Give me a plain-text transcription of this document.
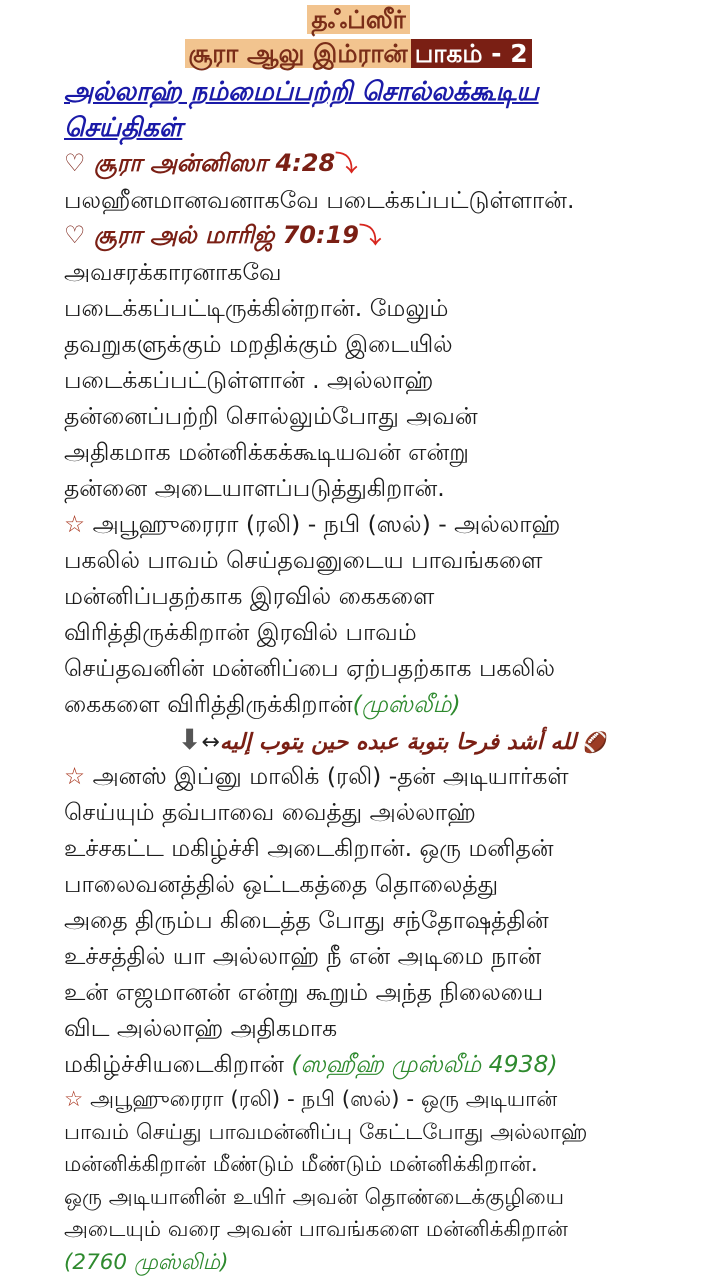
தஃப்ஸீர்
சூரா ஆலு இம்ரான் பாகம் - 2
அல்லாஹ் நம்மைப்பற்றி சொல்லக்கூடிய செய்திகள்
♡ சூரா அன்னிஸா 4:28⤵
பலஹீனமானவனாகவே படைக்கப்பட்டுள்ளான்.
♡ சூரா அல் மாரிஜ் 70:19⤵
அவசரக்காரனாகவே
படைக்கப்பட்டிருக்கின்றான். மேலும்
தவறுகளுக்கும் மறதிக்கும் இடையில்
படைக்கப்பட்டுள்ளான் . அல்லாஹ்
தன்னைப்பற்றி சொல்லும்போது அவன்
அதிகமாக மன்னிக்கக்கூடியவன் என்று
தன்னை அடையாளப்படுத்துகிறான்.
☆ அபூஹுரைரா (ரலி) - நபி (ஸல்) - அல்லாஹ்
பகலில் பாவம் செய்தவனுடைய பாவங்களை
மன்னிப்பதற்காக இரவில் கைகளை
விரித்திருக்கிறான் இரவில் பாவம்
செய்தவனின் மன்னிப்பை ஏற்பதற்காக பகலில்
கைகளை விரித்திருக்கிறான்(முஸ்லீம்)
⬇↔لله أشد فرحا بتوبة عبده حين يتوب إليه 🏈
☆ அனஸ் இப்னு மாலிக் (ரலி) -தன் அடியார்கள்
செய்யும் தவ்பாவை வைத்து அல்லாஹ்
உச்சகட்ட மகிழ்ச்சி அடைகிறான். ஒரு மனிதன்
பாலைவனத்தில் ஒட்டகத்தை தொலைத்து
அதை திரும்ப கிடைத்த போது சந்தோஷத்தின்
உச்சத்தில் யா அல்லாஹ் நீ என் அடிமை நான்
உன் எஜமானன் என்று கூறும் அந்த நிலையை
விட அல்லாஹ் அதிகமாக
மகிழ்ச்சியடைகிறான் (ஸஹீஹ் முஸ்லீம் 4938)
☆ அபூஹுரைரா (ரலி) - நபி (ஸல்) - ஒரு அடியான்
பாவம் செய்து பாவமன்னிப்பு கேட்டபோது அல்லாஹ்
மன்னிக்கிறான் மீண்டும் மீண்டும் மன்னிக்கிறான்.
ஒரு அடியானின் உயிர் அவன் தொண்டைக்குழியை
அடையும் வரை அவன் பாவங்களை மன்னிக்கிறான்
(2760 முஸ்லிம்)
